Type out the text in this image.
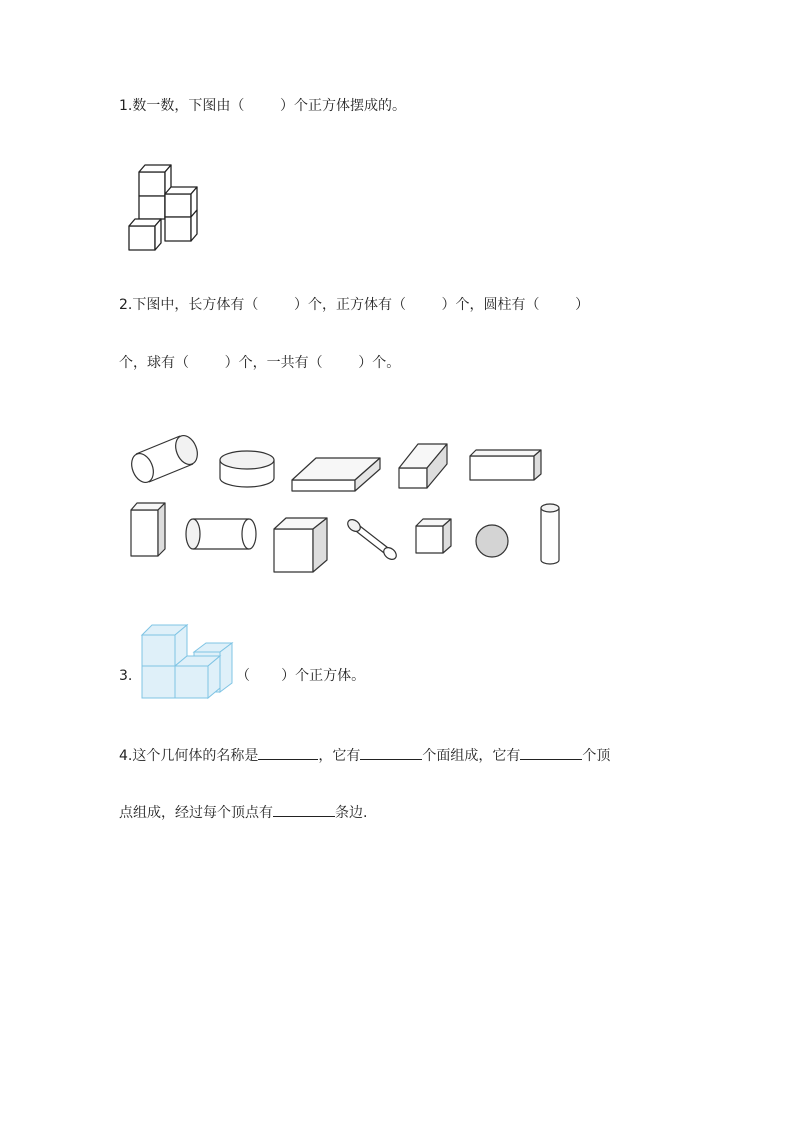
1.数一数，下图由（        ）个正方体摆成的。
2.下图中，长方体有（        ）个，正方体有（        ）个，圆柱有（        ）
个，球有（        ）个，一共有（        ）个。
3.	（       ）个正方体。
4.这个几何体的名称是	，它有	个面组成，它有	个顶
点组成，经过每个顶点有	条边.
